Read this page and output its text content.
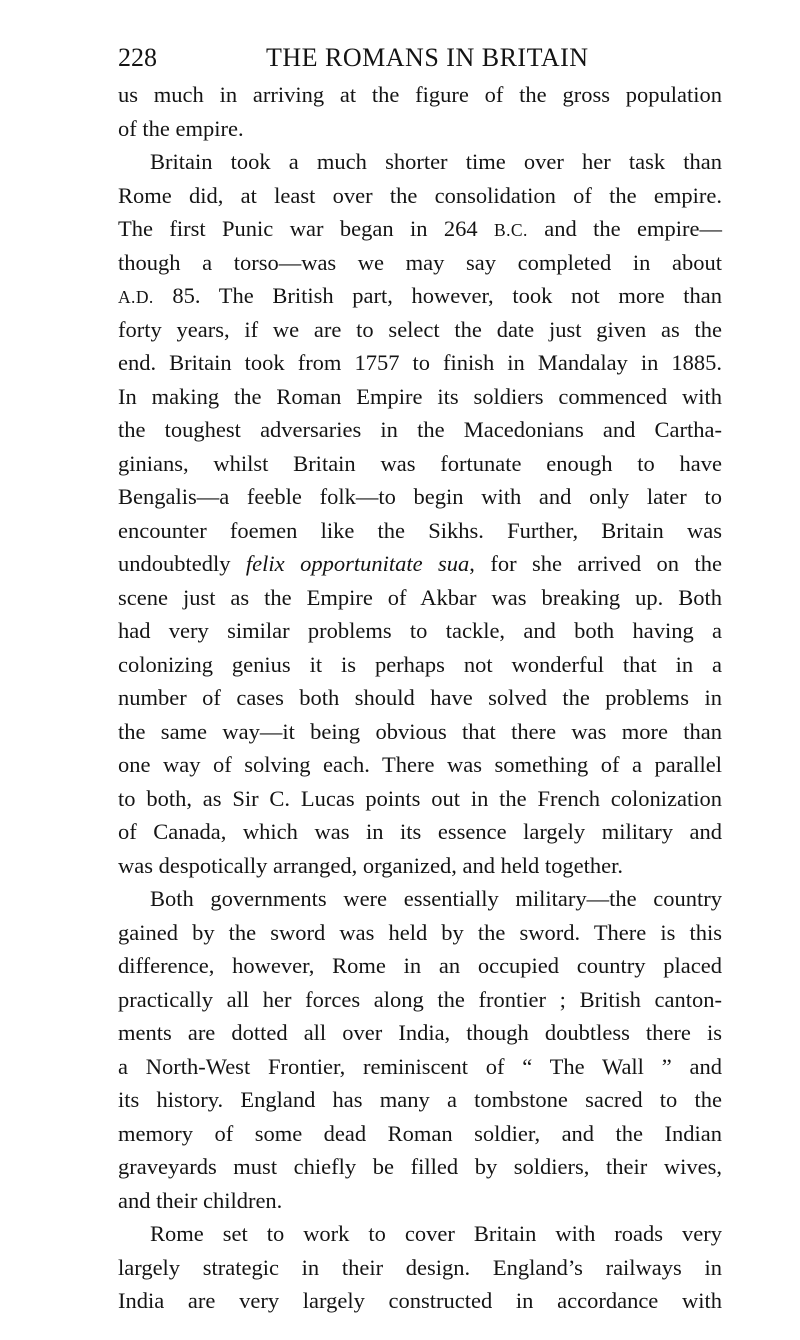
228	THE ROMANS IN BRITAIN
us much in arriving at the figure of the gross population
of the empire.
Britain took a much shorter time over her task than
Rome did, at least over the consolidation of the empire.
The first Punic war began in 264 B.C. and the empire—
though a torso—was we may say completed in about
A.D. 85. The British part, however, took not more than
forty years, if we are to select the date just given as the
end. Britain took from 1757 to finish in Mandalay in 1885.
In making the Roman Empire its soldiers commenced with
the toughest adversaries in the Macedonians and Cartha-
ginians, whilst Britain was fortunate enough to have
Bengalis—a feeble folk—to begin with and only later to
encounter foemen like the Sikhs. Further, Britain was
undoubtedly felix opportunitate sua, for she arrived on the
scene just as the Empire of Akbar was breaking up. Both
had very similar problems to tackle, and both having a
colonizing genius it is perhaps not wonderful that in a
number of cases both should have solved the problems in
the same way—it being obvious that there was more than
one way of solving each. There was something of a parallel
to both, as Sir C. Lucas points out in the French colonization
of Canada, which was in its essence largely military and
was despotically arranged, organized, and held together.
Both governments were essentially military—the country
gained by the sword was held by the sword. There is this
difference, however, Rome in an occupied country placed
practically all her forces along the frontier ; British canton-
ments are dotted all over India, though doubtless there is
a North-West Frontier, reminiscent of “ The Wall ” and
its history. England has many a tombstone sacred to the
memory of some dead Roman soldier, and the Indian
graveyards must chiefly be filled by soldiers, their wives,
and their children.
Rome set to work to cover Britain with roads very
largely strategic in their design. England’s railways in
India are very largely constructed in accordance with
